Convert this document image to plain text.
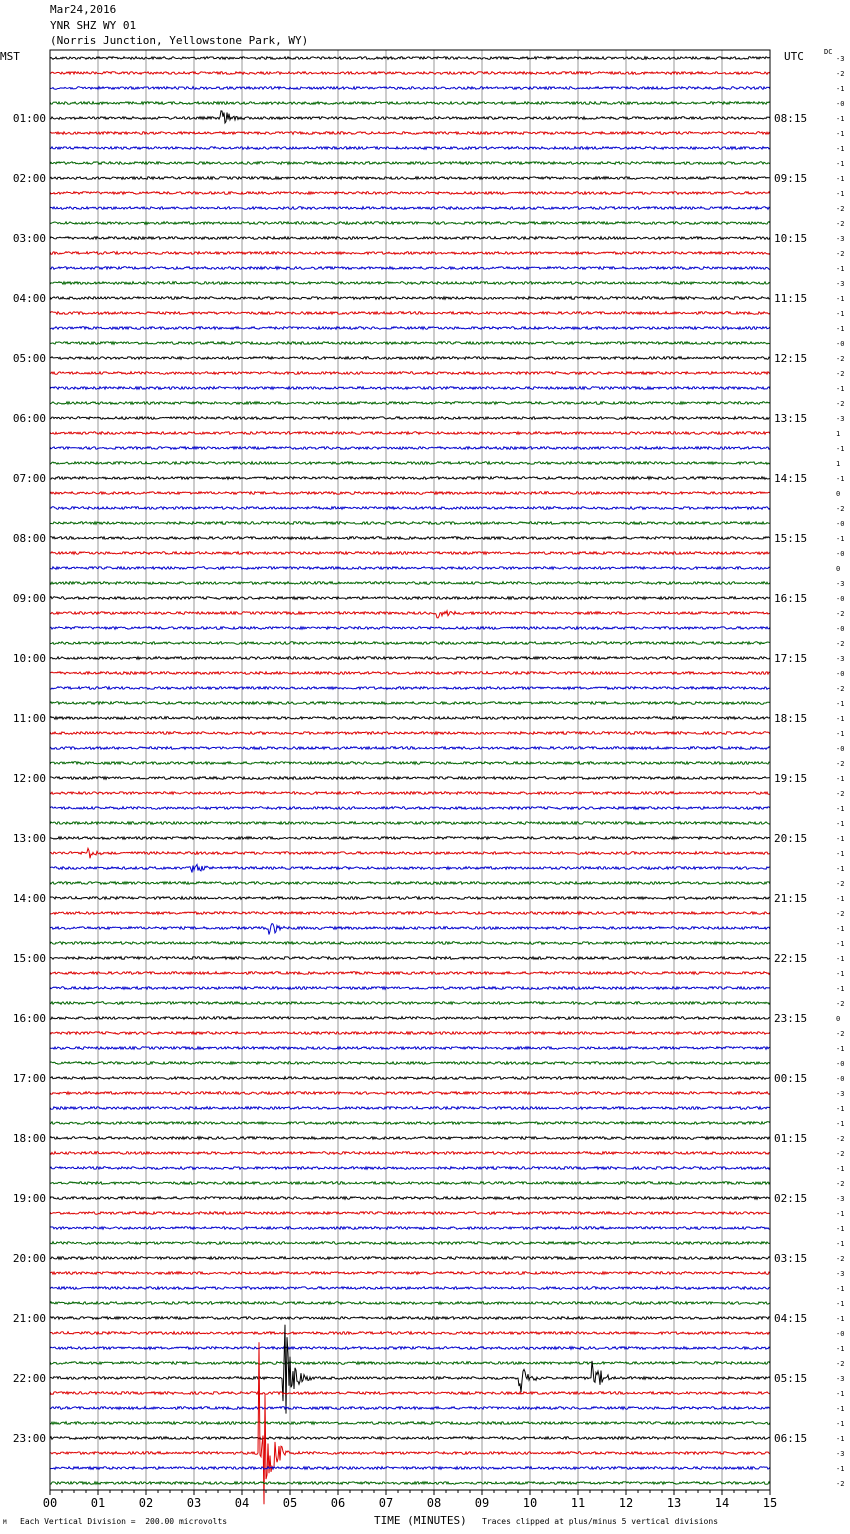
Mar24,2016
YNR SHZ WY 01
(Norris Junction, Yellowstone Park, WY)
MST	UTC	DC
-3
-2
-1
-0
-1
-1
-1
-1
-1
-1
-2
-2
-3
-2
-1
-3
-1
-1
-1
-0
-2
-2
-1
-2
-3
1
-1
1
-1
0
-2
-0
-1
-0
0
-3
-0
-2
-0
-2
-3
-0
-2
-1
-1
-1
-0
-2
-1
-2
-1
-1
-1
-1
-1
-2
-1
-2
-1
-1
-1
-1
-1
-2
0
-2
-1
-0
-0
-3
-1
-1
-2
-2
-1
-2
-3
-1
-1
-1
-2
-3
-1
-1
-1
-0
-1
-2
-3
-1
-1
-1
-1
-3
-1
-2
01:00	08:15
02:00	09:15
03:00	10:15
04:00	11:15
05:00	12:15
06:00	13:15
07:00	14:15
08:00	15:15
09:00	16:15
10:00	17:15
11:00	18:15
12:00	19:15
13:00	20:15
14:00	21:15
15:00	22:15
16:00	23:15
17:00	00:15
18:00	01:15
19:00	02:15
20:00	03:15
21:00	04:15
22:00	05:15
23:00	06:15
00	01	02	03	04	05	06	07	08	09	10	11	12	13	14	15
M Each Vertical Division =  200.00 microvolts	TIME (MINUTES) Traces clipped at plus/minus 5 vertical divisions
